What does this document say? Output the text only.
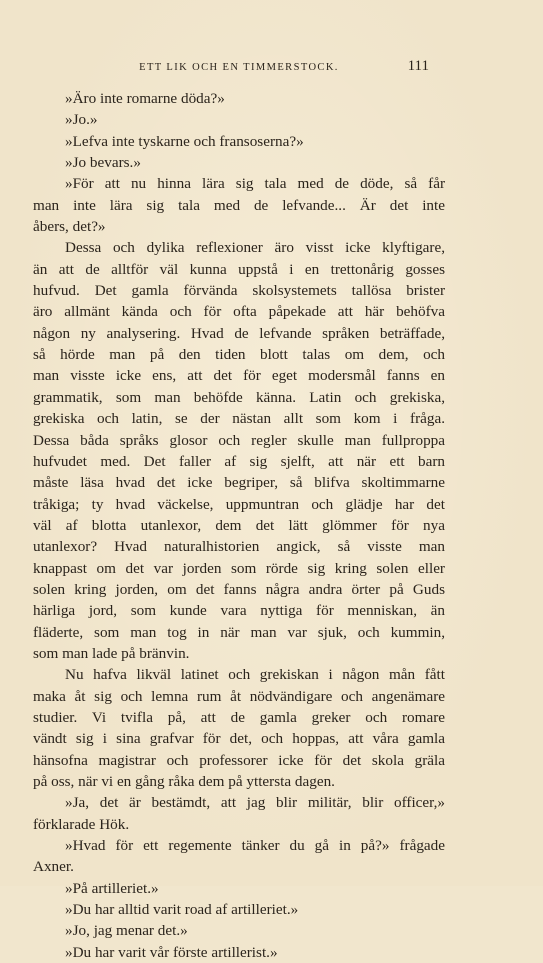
ETT LIK OCH EN TIMMERSTOCK.	111
»Äro inte romarne döda?»
»Jo.»
»Lefva inte tyskarne och fransoserna?»
»Jo bevars.»
»För att nu hinna lära sig tala med de döde, så får
man inte lära sig tala med de lefvande... Är det inte
åbers, det?»
Dessa och dylika reflexioner äro visst icke klyftigare,
än att de alltför väl kunna uppstå i en trettonårig gosses
hufvud. Det gamla förvända skolsystemets tallösa brister
äro allmänt kända och för ofta påpekade att här behöfva
någon ny analysering. Hvad de lefvande språken beträffade,
så hörde man på den tiden blott talas om dem, och
man visste icke ens, att det för eget modersmål fanns en
grammatik, som man behöfde känna. Latin och grekiska,
grekiska och latin, se der nästan allt som kom i fråga.
Dessa båda språks glosor och regler skulle man fullproppa
hufvudet med. Det faller af sig sjelft, att när ett barn
måste läsa hvad det icke begriper, så blifva skoltimmarne
tråkiga; ty hvad väckelse, uppmuntran och glädje har det
väl af blotta utanlexor, dem det lätt glömmer för nya
utanlexor? Hvad naturalhistorien angick, så visste man
knappast om det var jorden som rörde sig kring solen eller
solen kring jorden, om det fanns några andra örter på Guds
härliga jord, som kunde vara nyttiga för menniskan, än
fläderte, som man tog in när man var sjuk, och kummin,
som man lade på bränvin.
Nu hafva likväl latinet och grekiskan i någon mån fått
maka åt sig och lemna rum åt nödvändigare och angenämare
studier. Vi tvifla på, att de gamla greker och romare
vändt sig i sina grafvar för det, och hoppas, att våra gamla
hänsofna magistrar och professorer icke för det skola gräla
på oss, när vi en gång råka dem på yttersta dagen.
»Ja, det är bestämdt, att jag blir militär, blir officer,»
förklarade Hök.
»Hvad för ett regemente tänker du gå in på?» frågade
Axner.
»På artilleriet.»
»Du har alltid varit road af artilleriet.»
»Jo, jag menar det.»
»Du har varit vår förste artillerist.»
